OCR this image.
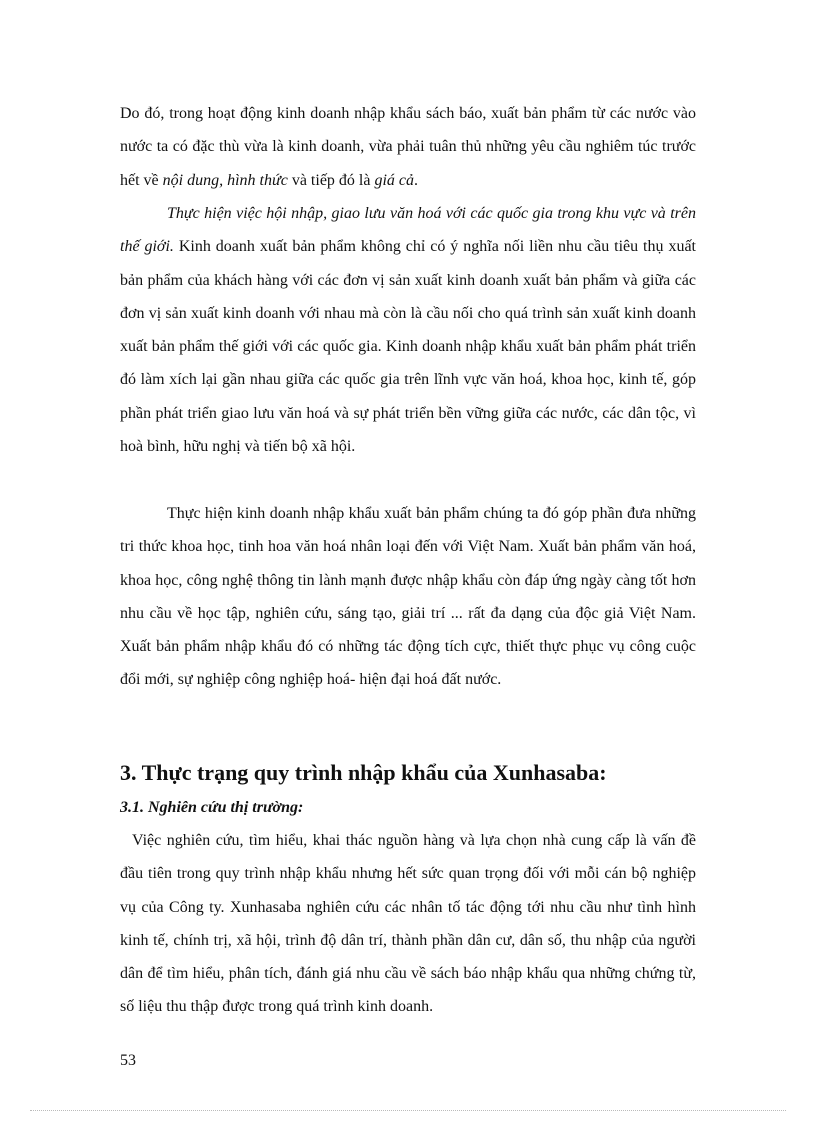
Do đó, trong hoạt động kinh doanh nhập khẩu sách báo, xuất bản phẩm từ các nước vào nước ta có đặc thù vừa là kinh doanh, vừa phải tuân thủ những yêu cầu nghiêm túc trước hết về nội dung, hình thức và tiếp đó là giá cả.

Thực hiện việc hội nhập, giao lưu văn hoá với các quốc gia trong khu vực và trên thế giới. Kinh doanh xuất bản phẩm không chỉ có ý nghĩa nối liền nhu cầu tiêu thụ xuất bản phẩm của khách hàng với các đơn vị sản xuất kinh doanh xuất bản phẩm và giữa các đơn vị sản xuất kinh doanh với nhau mà còn là cầu nối cho quá trình sản xuất kinh doanh xuất bản phẩm thế giới với các quốc gia. Kinh doanh nhập khẩu xuất bản phẩm phát triển đó làm xích lại gần nhau giữa các quốc gia trên lĩnh vực văn hoá, khoa học, kinh tế, góp phần phát triển giao lưu văn hoá và sự phát triển bền vững giữa các nước, các dân tộc, vì hoà bình, hữu nghị và tiến bộ xã hội.

Thực hiện kinh doanh nhập khẩu xuất bản phẩm chúng ta đó góp phần đưa những tri thức khoa học, tinh hoa văn hoá nhân loại đến với Việt Nam. Xuất bản phẩm văn hoá, khoa học, công nghệ thông tin lành mạnh được nhập khẩu còn đáp ứng ngày càng tốt hơn nhu cầu về học tập, nghiên cứu, sáng tạo, giải trí ... rất đa dạng của độc giả Việt Nam. Xuất bản phẩm nhập khẩu đó có những tác động tích cực, thiết thực phục vụ công cuộc đổi mới, sự nghiệp công nghiệp hoá- hiện đại hoá đất nước.

3. Thực trạng quy trình nhập khẩu của Xunhasaba:
3.1. Nghiên cứu thị trường:

Việc nghiên cứu, tìm hiểu, khai thác nguồn hàng và lựa chọn nhà cung cấp là vấn đề đầu tiên trong quy trình nhập khẩu nhưng hết sức quan trọng đối với mỗi cán bộ nghiệp vụ của Công ty. Xunhasaba nghiên cứu các nhân tố tác động tới nhu cầu như tình hình kinh tế, chính trị, xã hội, trình độ dân trí, thành phần dân cư, dân số, thu nhập của người dân để tìm hiểu, phân tích, đánh giá nhu cầu về sách báo nhập khẩu qua những chứng từ, số liệu thu thập được trong quá trình kinh doanh.

53
